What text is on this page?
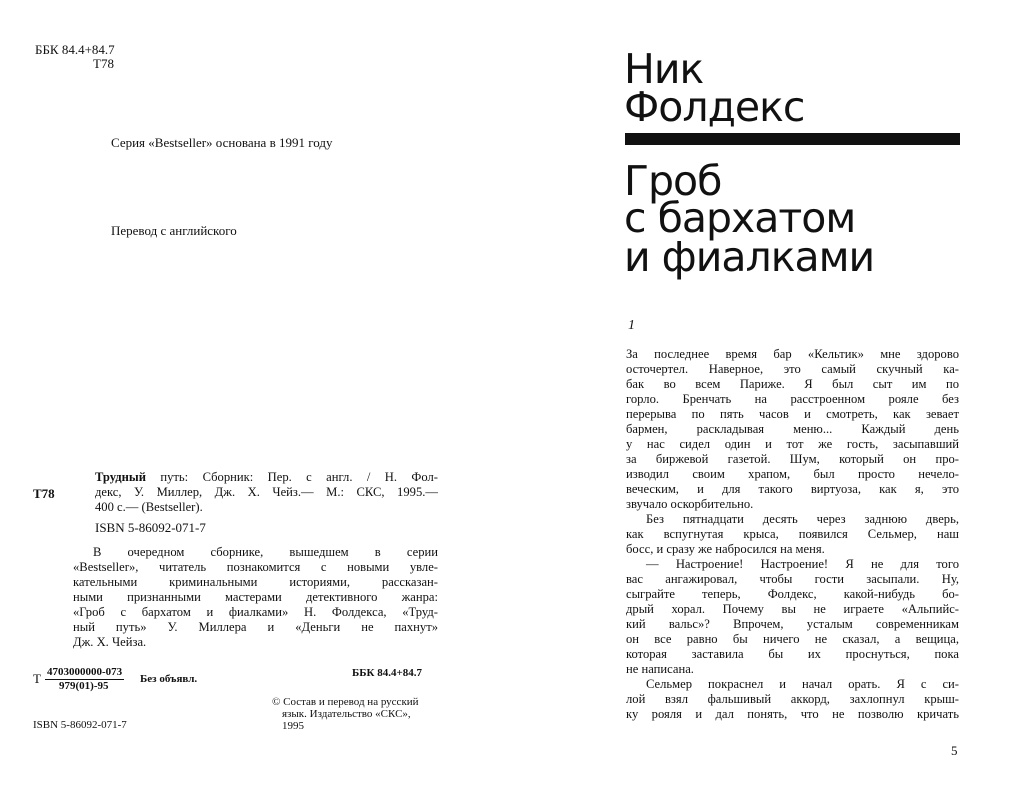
ББК 84.4+84.7
Т78
Серия «Bestseller» основана в 1991 году
Перевод с английского
Т78
Трудный путь: Сборник: Пер. с англ. / Н. Фол-
декс, У. Миллер, Дж. Х. Чейз.— М.: СКС, 1995.—
400 с.— (Bestseller).
ISBN 5-86092-071-7
В очередном сборнике, вышедшем в серии
«Bestseller», читатель познакомится с новыми увле-
кательными криминальными историями, рассказан-
ными признанными мастерами детективного жанра:
«Гроб с бархатом и фиалками» Н. Фолдекса, «Труд-
ный путь» У. Миллера и «Деньги не пахнут»
Дж. Х. Чейза.
Т $\frac{4703000000-073}{979(01)-95}$ Без объявл.	ББК 84.4+84.7
© Состав и перевод на русский
язык. Издательство «СКС»,
1995
ISBN 5-86092-071-7
Ник
Фолдекс
Гроб
с бархатом
и фиалками
1
За последнее время бар «Кельтик» мне здорово
осточертел. Наверное, это самый скучный ка-
бак во всем Париже. Я был сыт им по
горло. Бренчать на расстроенном рояле без
перерыва по пять часов и смотреть, как зевает
бармен, раскладывая меню... Каждый день
у нас сидел один и тот же гость, засыпавший
за биржевой газетой. Шум, который он про-
изводил своим храпом, был просто нечело-
веческим, и для такого виртуоза, как я, это
звучало оскорбительно.
Без пятнадцати десять через заднюю дверь,
как вспугнутая крыса, появился Сельмер, наш
босс, и сразу же набросился на меня.
— Настроение! Настроение! Я не для того
вас ангажировал, чтобы гости засыпали. Ну,
сыграйте теперь, Фолдекс, какой-нибудь бо-
дрый хорал. Почему вы не играете «Альпийс-
кий вальс»? Впрочем, усталым современникам
он все равно бы ничего не сказал, а вещица,
которая заставила бы их проснуться, пока
не написана.
Сельмер покраснел и начал орать. Я с си-
лой взял фальшивый аккорд, захлопнул крыш-
ку рояля и дал понять, что не позволю кричать
5
